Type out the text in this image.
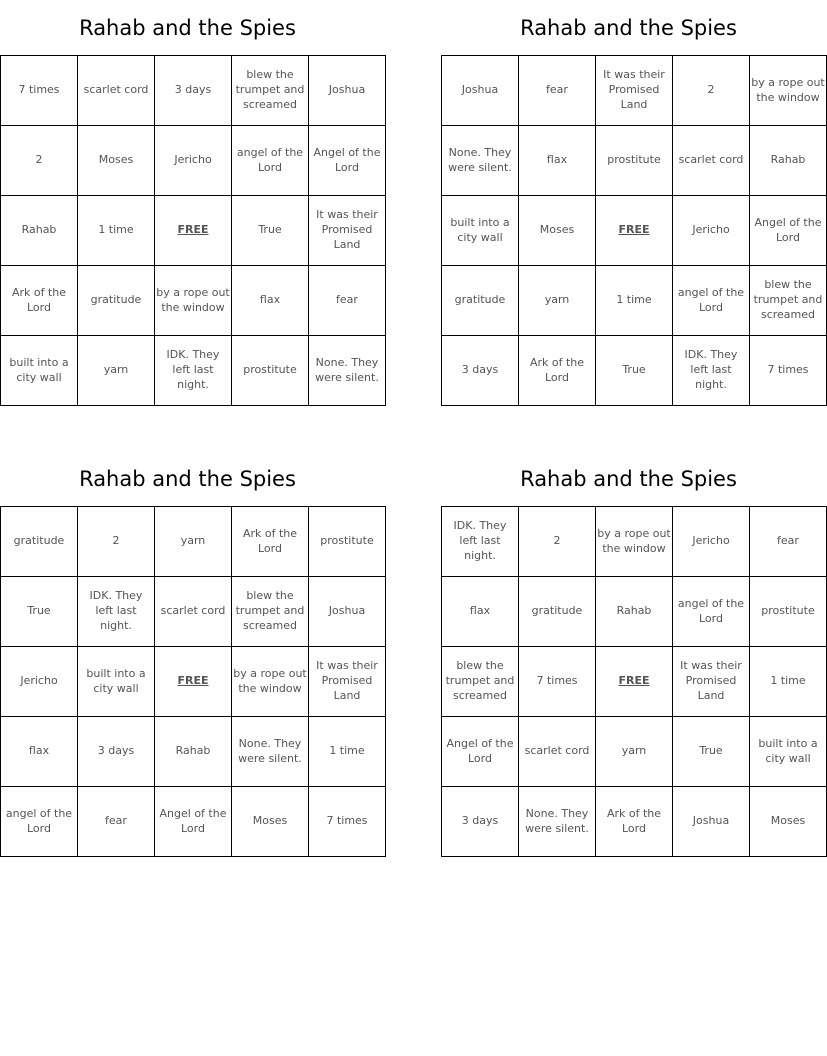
Rahab and the Spies
7 times	scarlet cord	3 days	blew the trumpet and screamed	Joshua
2	Moses	Jericho	angel of the Lord	Angel of the Lord
Rahab	1 time	FREE	True	It was their Promised Land
Ark of the Lord	gratitude	by a rope out the window	flax	fear
built into a city wall	yarn	IDK. They left last night.	prostitute	None. They were silent.
Rahab and the Spies
Joshua	fear	It was their Promised Land	2	by a rope out the window
None. They were silent.	flax	prostitute	scarlet cord	Rahab
built into a city wall	Moses	FREE	Jericho	Angel of the Lord
gratitude	yarn	1 time	angel of the Lord	blew the trumpet and screamed
3 days	Ark of the Lord	True	IDK. They left last night.	7 times
Rahab and the Spies
gratitude	2	yarn	Ark of the Lord	prostitute
True	IDK. They left last night.	scarlet cord	blew the trumpet and screamed	Joshua
Jericho	built into a city wall	FREE	by a rope out the window	It was their Promised Land
flax	3 days	Rahab	None. They were silent.	1 time
angel of the Lord	fear	Angel of the Lord	Moses	7 times
Rahab and the Spies
IDK. They left last night.	2	by a rope out the window	Jericho	fear
flax	gratitude	Rahab	angel of the Lord	prostitute
blew the trumpet and screamed	7 times	FREE	It was their Promised Land	1 time
Angel of the Lord	scarlet cord	yarn	True	built into a city wall
3 days	None. They were silent.	Ark of the Lord	Joshua	Moses
